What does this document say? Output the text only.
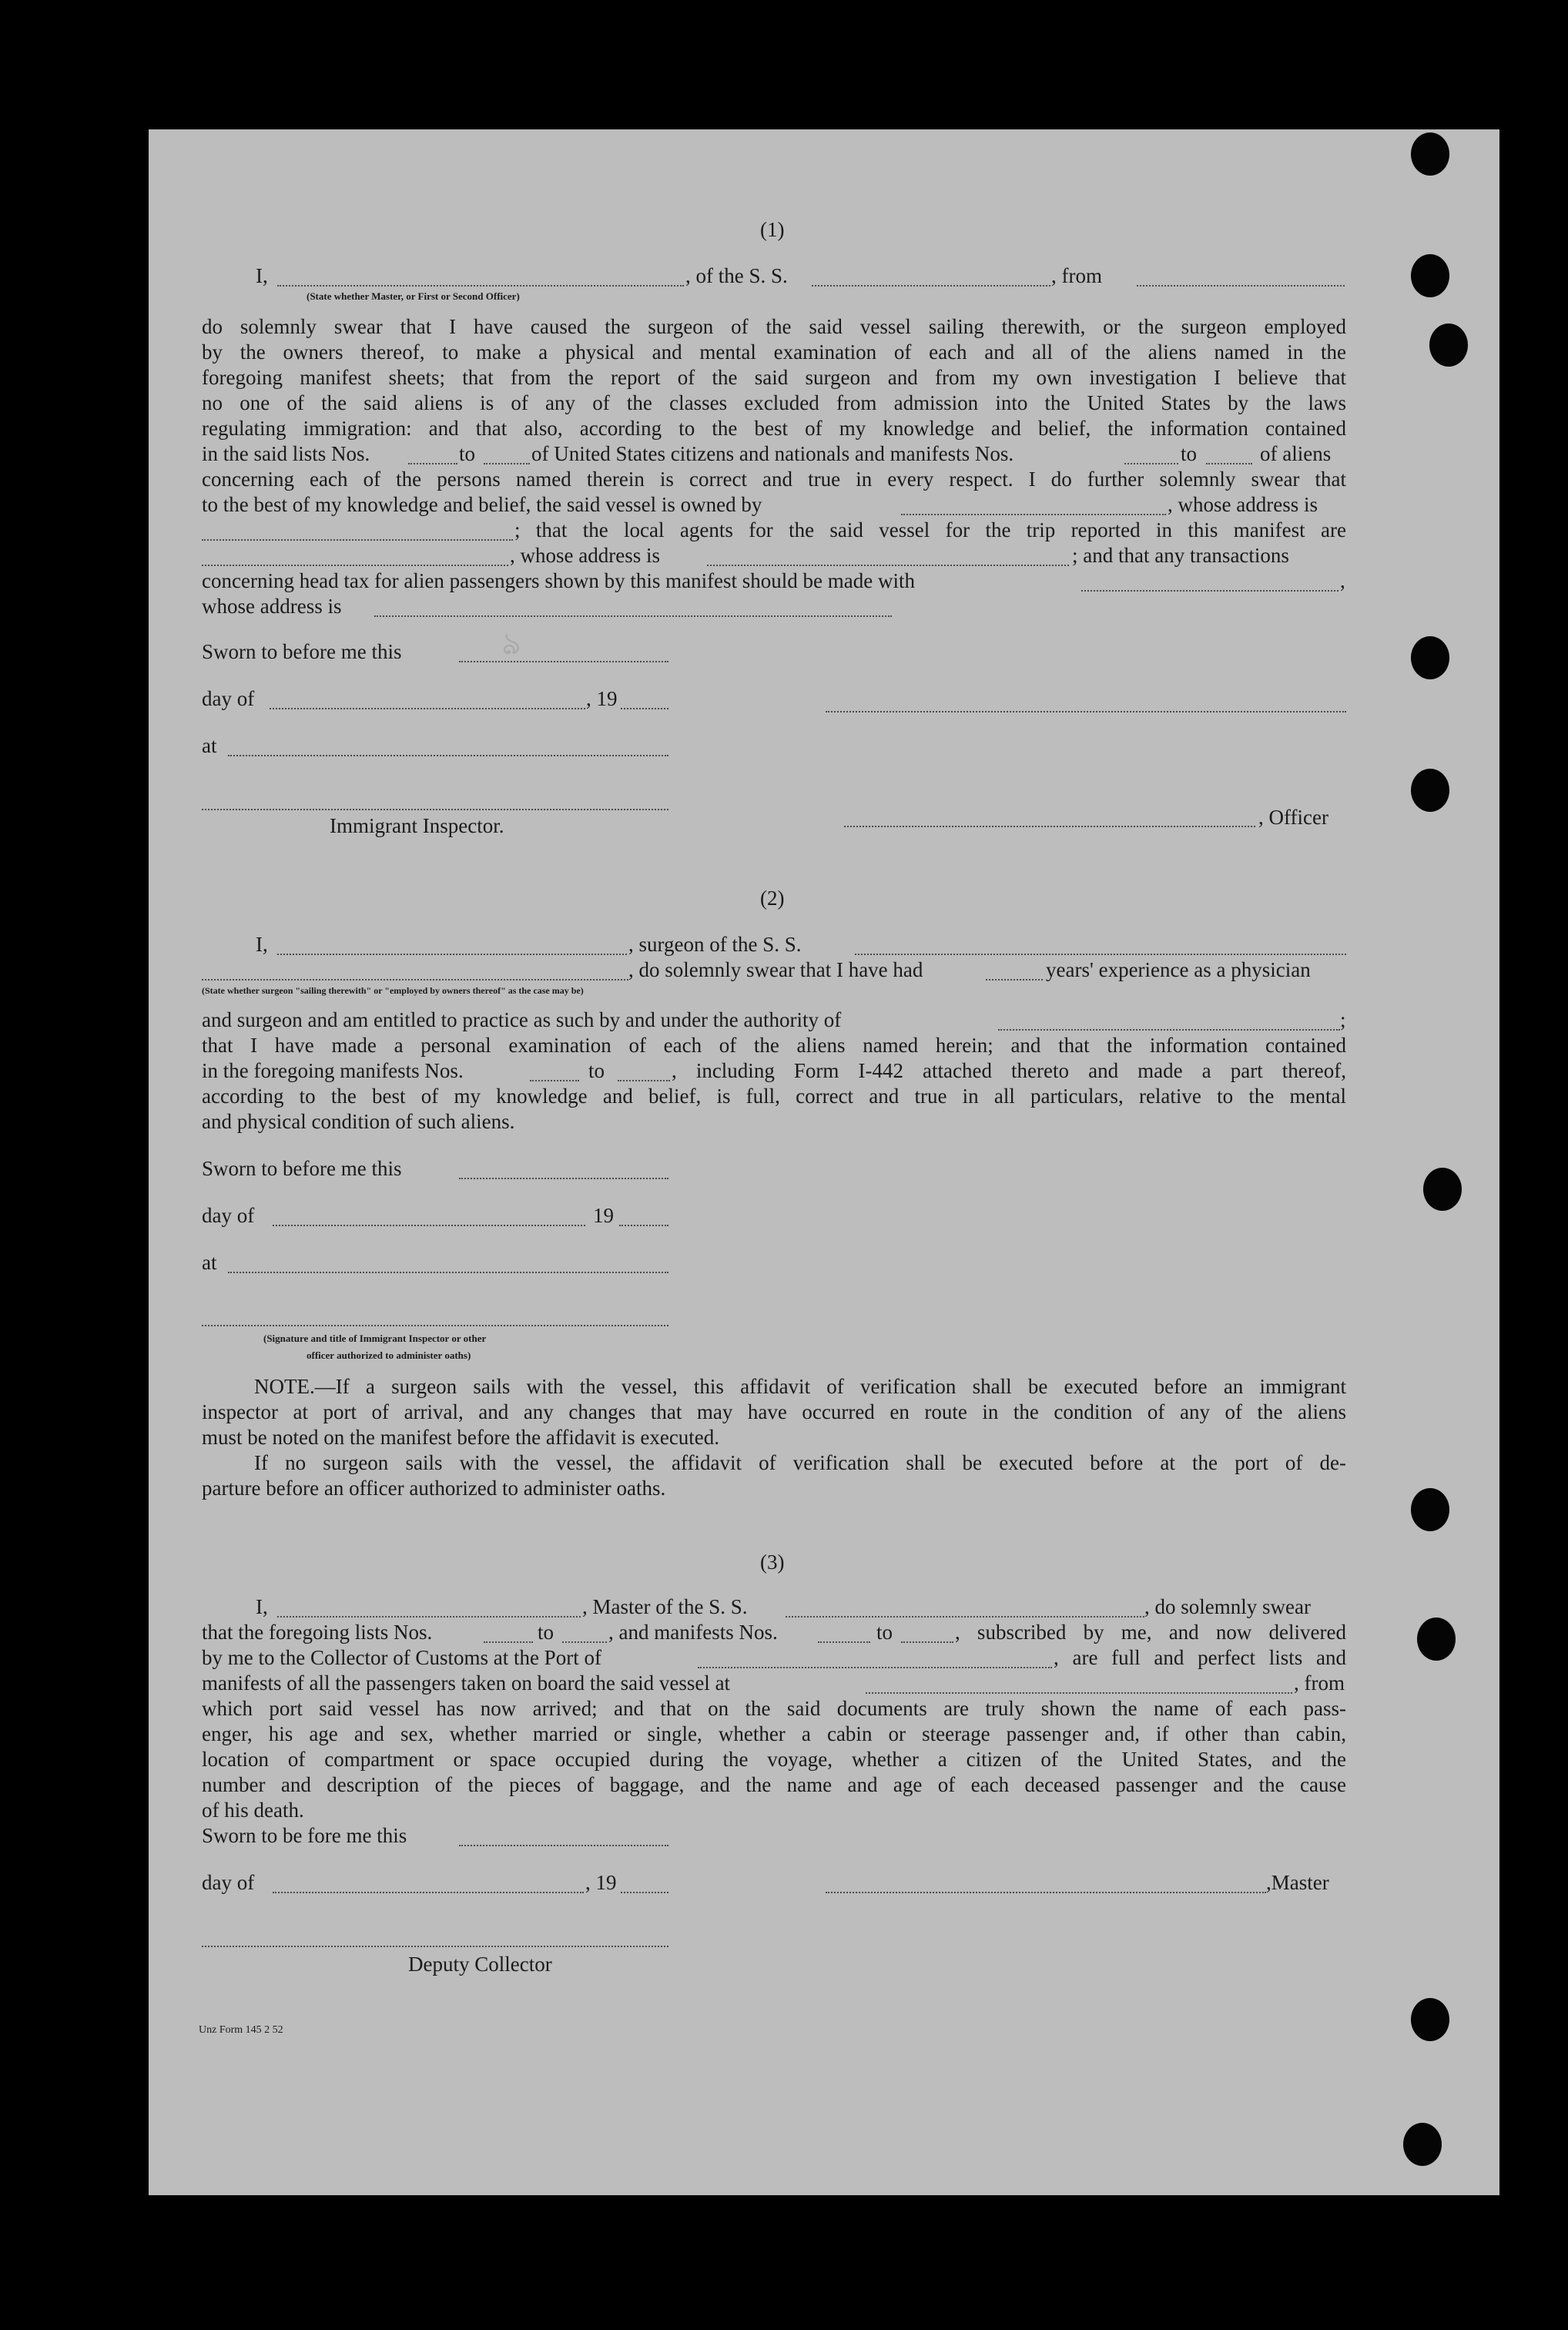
(1)
I,	, of the S. S.	, from
(State whether Master, or First or Second Officer)
do solemnly swear that I have caused the surgeon of the said vessel sailing therewith, or the surgeon employed
by the owners thereof, to make a physical and mental examination of each and all of the aliens named in the
foregoing manifest sheets; that from the report of the said surgeon and from my own investigation I believe that
no one of the said aliens is of any of the classes excluded from admission into the United States by the laws
regulating immigration: and that also, according to the best of my knowledge and belief, the information contained
in the said lists Nos.	to	of United States citizens and nationals and manifests Nos.	to	of aliens
concerning each of the persons named therein is correct and true in every respect. I do further solemnly swear that
to the best of my knowledge and belief, the said vessel is owned by	, whose address is
; that the local agents for the said vessel for the trip reported in this manifest are
, whose address is	; and that any transactions
concerning head tax for alien passengers shown by this manifest should be made with	,
whose address is
Sworn to before me this	ঌ
day of	, 19
at
Immigrant Inspector.	, Officer
(2)
I,	, surgeon of the S. S.
, do solemnly swear that I have had	years' experience as a physician
(State whether surgeon "sailing therewith" or "employed by owners thereof" as the case may be)
and surgeon and am entitled to practice as such by and under the authority of	;
that I have made a personal examination of each of the aliens named herein; and that the information contained
in the foregoing manifests Nos.	to	, including Form I-442 attached thereto and made a part thereof,
according to the best of my knowledge and belief, is full, correct and true in all particulars, relative to the mental
and physical condition of such aliens.
Sworn to before me this
day of	19
at
(Signature and title of Immigrant Inspector or other
officer authorized to administer oaths)
NOTE.—If a surgeon sails with the vessel, this affidavit of verification shall be executed before an immigrant
inspector at port of arrival, and any changes that may have occurred en route in the condition of any of the aliens
must be noted on the manifest before the affidavit is executed.
If no surgeon sails with the vessel, the affidavit of verification shall be executed before at the port of de-
parture before an officer authorized to administer oaths.
(3)
I,	, Master of the S. S.	, do solemnly swear
that the foregoing lists Nos.	to	, and manifests Nos.	to	, subscribed by me, and now delivered
by me to the Collector of Customs at the Port of	, are full and perfect lists and
manifests of all the passengers taken on board the said vessel at	, from
which port said vessel has now arrived; and that on the said documents are truly shown the name of each pass-
enger, his age and sex, whether married or single, whether a cabin or steerage passenger and, if other than cabin,
location of compartment or space occupied during the voyage, whether a citizen of the United States, and the
number and description of the pieces of baggage, and the name and age of each deceased passenger and the cause
of his death.
Sworn to be fore me this
day of	, 19	,Master
Deputy Collector
Unz Form 145 2 52
